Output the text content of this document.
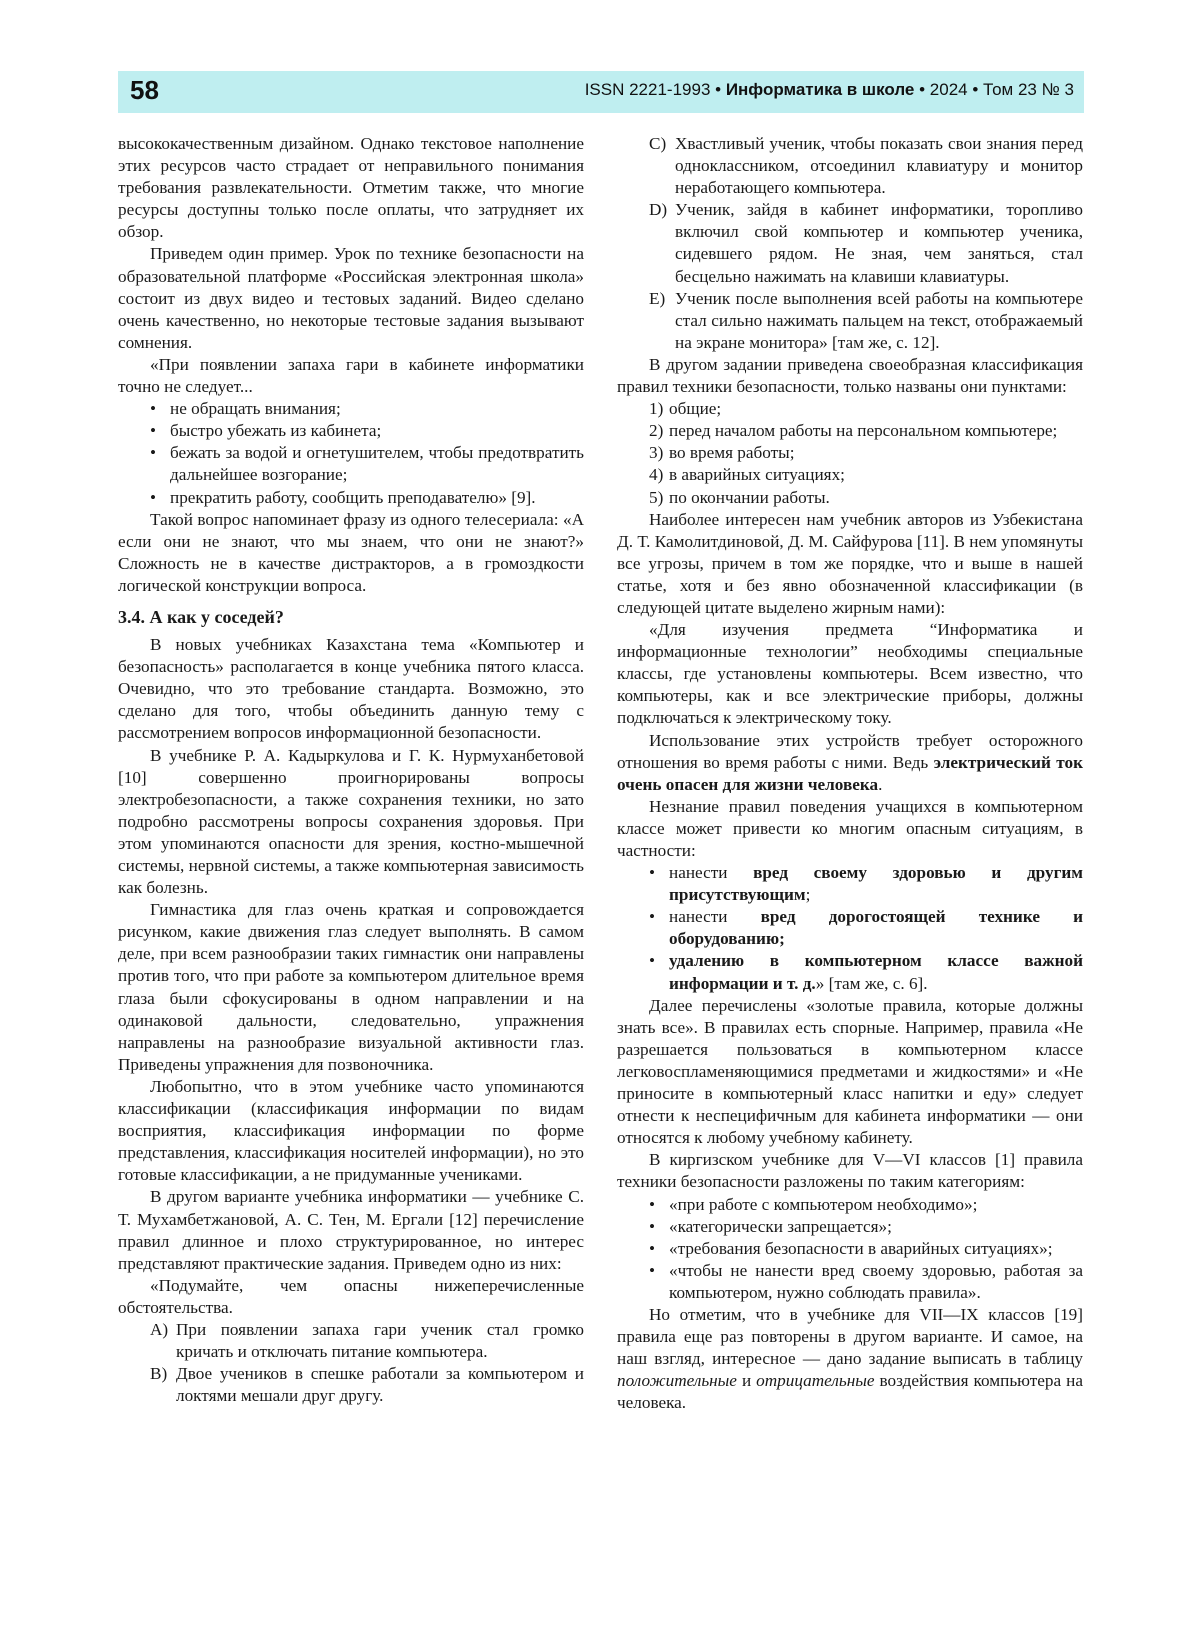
58	ISSN 2221-1993 • Информатика в школе • 2024 • Том 23 № 3

высококачественным дизайном. Однако текстовое наполнение этих ресурсов часто страдает от неправильного понимания требования развлекательности. Отметим также, что многие ресурсы доступны только после оплаты, что затрудняет их обзор.

Приведем один пример. Урок по технике безопасности на образовательной платформе «Российская электронная школа» состоит из двух видео и тестовых заданий. Видео сделано очень качественно, но некоторые тестовые задания вызывают сомнения.

«При появлении запаха гари в кабинете информатики точно не следует...

• не обращать внимания;
• быстро убежать из кабинета;
• бежать за водой и огнетушителем, чтобы предотвратить дальнейшее возгорание;
• прекратить работу, сообщить преподавателю» [9].

Такой вопрос напоминает фразу из одного телесериала: «А если они не знают, что мы знаем, что они не знают?» Сложность не в качестве дистракторов, а в громоздкости логической конструкции вопроса.

3.4. А как у соседей?

В новых учебниках Казахстана тема «Компьютер и безопасность» располагается в конце учебника пятого класса. Очевидно, что это требование стандарта. Возможно, это сделано для того, чтобы объединить данную тему с рассмотрением вопросов информационной безопасности.

В учебнике Р. А. Кадыркулова и Г. К. Нурмуханбетовой [10] совершенно проигнорированы вопросы электробезопасности, а также сохранения техники, но зато подробно рассмотрены вопросы сохранения здоровья. При этом упоминаются опасности для зрения, костно-мышечной системы, нервной системы, а также компьютерная зависимость как болезнь.

Гимнастика для глаз очень краткая и сопровождается рисунком, какие движения глаз следует выполнять. В самом деле, при всем разнообразии таких гимнастик они направлены против того, что при работе за компьютером длительное время глаза были сфокусированы в одном направлении и на одинаковой дальности, следовательно, упражнения направлены на разнообразие визуальной активности глаз. Приведены упражнения для позвоночника.

Любопытно, что в этом учебнике часто упоминаются классификации (классификация информации по видам восприятия, классификация информации по форме представления, классификация носителей информации), но это готовые классификации, а не придуманные учениками.

В другом варианте учебника информатики — учебнике С. Т. Мухамбетжановой, А. С. Тен, М. Ергали [12] перечисление правил длинное и плохо структурированное, но интерес представляют практические задания. Приведем одно из них:

«Подумайте, чем опасны нижеперечисленные обстоятельства.

A) При появлении запаха гари ученик стал громко кричать и отключать питание компьютера.
B) Двое учеников в спешке работали за компьютером и локтями мешали друг другу.
C) Хвастливый ученик, чтобы показать свои знания перед одноклассником, отсоединил клавиатуру и монитор неработающего компьютера.
D) Ученик, зайдя в кабинет информатики, торопливо включил свой компьютер и компьютер ученика, сидевшего рядом. Не зная, чем заняться, стал бесцельно нажимать на клавиши клавиатуры.
E) Ученик после выполнения всей работы на компьютере стал сильно нажимать пальцем на текст, отображаемый на экране монитора» [там же, с. 12].

В другом задании приведена своеобразная классификация правил техники безопасности, только названы они пунктами:

1) общие;
2) перед началом работы на персональном компьютере;
3) во время работы;
4) в аварийных ситуациях;
5) по окончании работы.

Наиболее интересен нам учебник авторов из Узбекистана Д. Т. Камолитдиновой, Д. М. Сайфурова [11]. В нем упомянуты все угрозы, причем в том же порядке, что и выше в нашей статье, хотя и без явно обозначенной классификации (в следующей цитате выделено жирным нами):

«Для изучения предмета “Информатика и информационные технологии” необходимы специальные классы, где установлены компьютеры. Всем известно, что компьютеры, как и все электрические приборы, должны подключаться к электрическому току.

Использование этих устройств требует осторожного отношения во время работы с ними. Ведь электрический ток очень опасен для жизни человека.

Незнание правил поведения учащихся в компьютерном классе может привести ко многим опасным ситуациям, в частности:

• нанести вред своему здоровью и другим присутствующим;
• нанести вред дорогостоящей технике и оборудованию;
• удалению в компьютерном классе важной информации и т. д.» [там же, с. 6].

Далее перечислены «золотые правила, которые должны знать все». В правилах есть спорные. Например, правила «Не разрешается пользоваться в компьютерном классе легковоспламеняющимися предметами и жидкостями» и «Не приносите в компьютерный класс напитки и еду» следует отнести к неспецифичным для кабинета информатики — они относятся к любому учебному кабинету.

В киргизском учебнике для V—VI классов [1] правила техники безопасности разложены по таким категориям:

• «при работе с компьютером необходимо»;
• «категорически запрещается»;
• «требования безопасности в аварийных ситуациях»;
• «чтобы не нанести вред своему здоровью, работая за компьютером, нужно соблюдать правила».

Но отметим, что в учебнике для VII—IX классов [19] правила еще раз повторены в другом варианте. И самое, на наш взгляд, интересное — дано задание выписать в таблицу положительные и отрицательные воздействия компьютера на человека.
